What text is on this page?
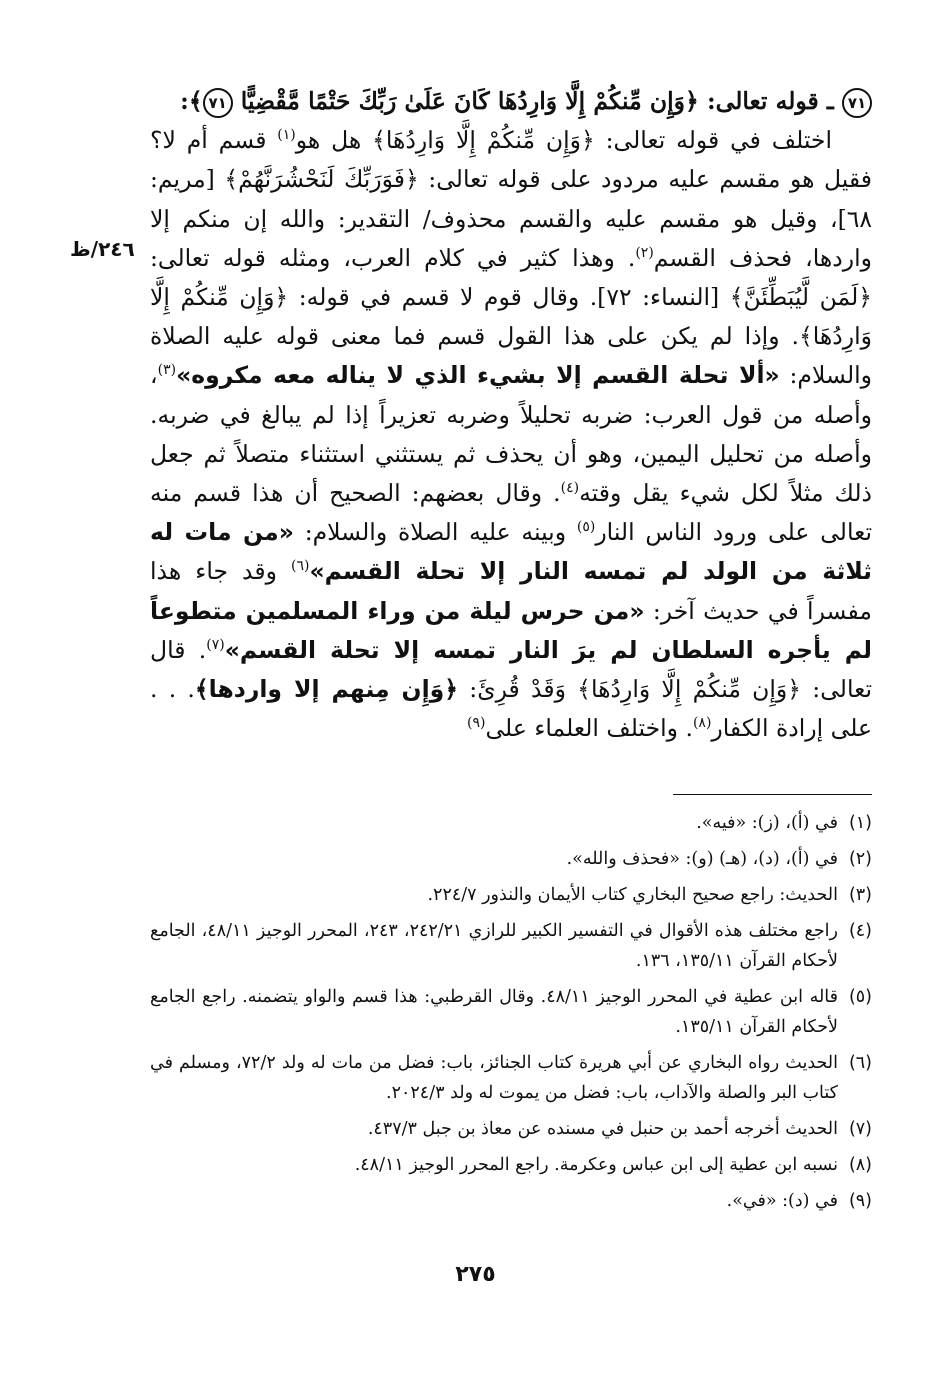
٢٤٦/ظ

٧١ ـ قوله تعالى: ﴿وَإِن مِّنكُمْ إِلَّا وَارِدُهَا كَانَ عَلَىٰ رَبِّكَ حَتْمًا مَّقْضِيًّا ٧١﴾:

اختلف في قوله تعالى: ﴿وَإِن مِّنكُمْ إِلَّا وَارِدُهَا﴾ هل هو$^{(١)}$ قسم أم لا؟ فقيل هو مقسم عليه مردود على قوله تعالى: ﴿فَوَرَبِّكَ لَنَحْشُرَنَّهُمْ﴾ [مريم: ٦٨]، وقيل هو مقسم عليه والقسم محذوف/ التقدير: والله إن منكم إلا واردها، فحذف القسم$^{(٢)}$. وهذا كثير في كلام العرب، ومثله قوله تعالى: ﴿لَمَن لَّيُبَطِّئَنَّ﴾ [النساء: ٧٢]. وقال قوم لا قسم في قوله: ﴿وَإِن مِّنكُمْ إِلَّا وَارِدُهَا﴾. وإذا لم يكن على هذا القول قسم فما معنى قوله عليه الصلاة والسلام: «ألا تحلة القسم إلا بشيء الذي لا يناله معه مكروه»$^{(٣)}$، وأصله من قول العرب: ضربه تحليلاً وضربه تعزيراً إذا لم يبالغ في ضربه. وأصله من تحليل اليمين، وهو أن يحذف ثم يستثني استثناء متصلاً ثم جعل ذلك مثلاً لكل شيء يقل وقته$^{(٤)}$. وقال بعضهم: الصحيح أن هذا قسم منه تعالى على ورود الناس النار$^{(٥)}$ وبينه عليه الصلاة والسلام: «من مات له ثلاثة من الولد لم تمسه النار إلا تحلة القسم»$^{(٦)}$ وقد جاء هذا مفسراً في حديث آخر: «من حرس ليلة من وراء المسلمين متطوعاً لم يأجره السلطان لم يرَ النار تمسه إلا تحلة القسم»$^{(٧)}$. قال تعالى: ﴿وَإِن مِّنكُمْ إِلَّا وَارِدُهَا﴾ وَقَدْ قُرِئَ: ﴿وَإِن مِنهم إلا واردها﴾. . . على إرادة الكفار$^{(٨)}$. واختلف العلماء على$^{(٩)}$

(١)
في (أ)، (ز): «فيه».
(٢)
في (أ)، (د)، (هـ) (و): «فحذف والله».
(٣)
الحديث: راجع صحيح البخاري كتاب الأيمان والنذور ٢٢٤/٧.
(٤)
راجع مختلف هذه الأقوال في التفسير الكبير للرازي ٢٤٢/٢١، ٢٤٣، المحرر الوجيز ٤٨/١١، الجامع لأحكام القرآن ١٣٥/١١، ١٣٦.
(٥)
قاله ابن عطية في المحرر الوجيز ٤٨/١١. وقال القرطبي: هذا قسم والواو يتضمنه. راجع الجامع لأحكام القرآن ١٣٥/١١.
(٦)
الحديث رواه البخاري عن أبي هريرة كتاب الجنائز، باب: فضل من مات له ولد ٧٢/٢، ومسلم في كتاب البر والصلة والآداب، باب: فضل من يموت له ولد ٢٠٢٤/٣.
(٧)
الحديث أخرجه أحمد بن حنبل في مسنده عن معاذ بن جبل ٤٣٧/٣.
(٨)
نسبه ابن عطية إلى ابن عباس وعكرمة. راجع المحرر الوجيز ٤٨/١١.
(٩)
في (د): «في».
٢٧٥
